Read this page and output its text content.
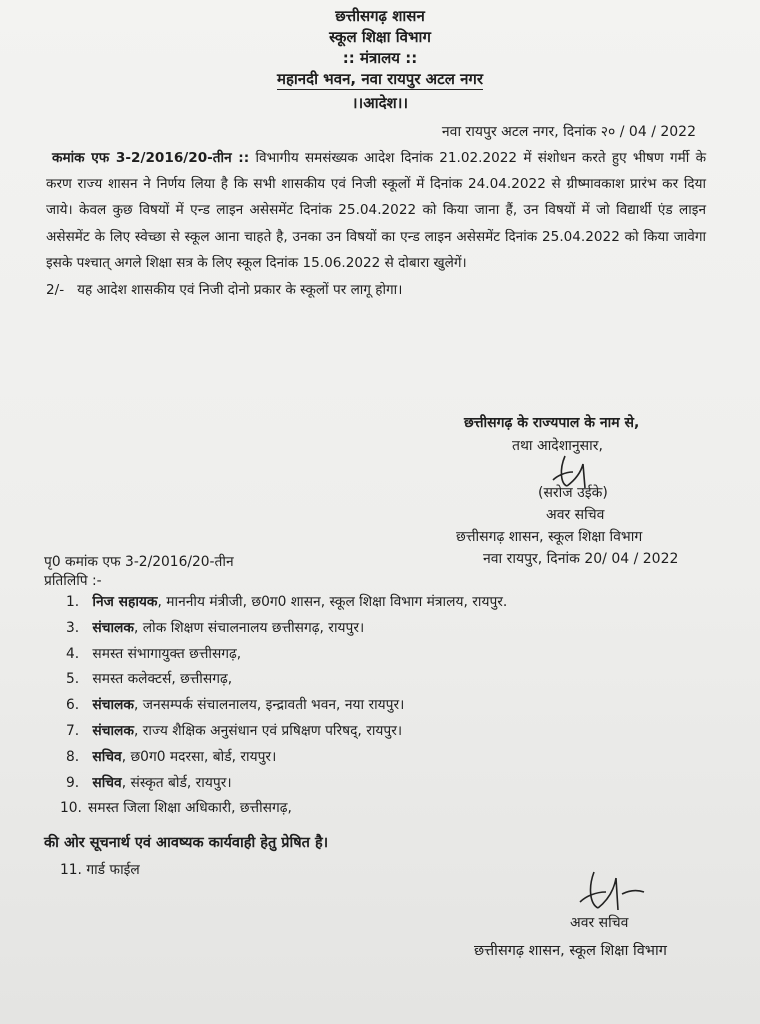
छत्तीसगढ़ शासन
स्कूल शिक्षा विभाग
:: मंत्रालय ::
महानदी भवन, नवा रायपुर अटल नगर
।।आदेश।।
नवा रायपुर अटल नगर, दिनांक २० / 04 / 2022

कमांक एफ 3-2/2016/20-तीन :: विभागीय समसंख्यक आदेश दिनांक 21.02.2022 में संशोधन करते हुए भीषण गर्मी के करण राज्य शासन ने निर्णय लिया है कि सभी शासकीय एवं निजी स्कूलों में दिनांक 24.04.2022 से ग्रीष्मावकाश प्रारंभ कर दिया जाये। केवल कुछ विषयों में एन्ड लाइन असेसमेंट दिनांक 25.04.2022 को किया जाना हैं, उन विषयों में जो विद्यार्थी एंड लाइन असेसमेंट के लिए स्वेच्छा से स्कूल आना चाहते है, उनका उन विषयों का एन्ड लाइन असेसमेंट दिनांक 25.04.2022 को किया जावेगा इसके पश्चात् अगले शिक्षा सत्र के लिए स्कूल दिनांक 15.06.2022 से दोबारा खुलेगें।

2/- यह आदेश शासकीय एवं निजी दोनो प्रकार के स्कूलों पर लागू होगा।

छत्तीसगढ़ के राज्यपाल के नाम से,
तथा आदेशानुसार,
(सरोज उईके)
अवर सचिव
छत्तीसगढ़ शासन, स्कूल शिक्षा विभाग
नवा रायपुर, दिनांक 20/ 04 / 2022
पृ0 कमांक एफ 3-2/2016/20-तीन
प्रतिलिपि :-
1. निज सहायक, माननीय मंत्रीजी, छ0ग0 शासन, स्कूल शिक्षा विभाग मंत्रालय, रायपुर.
3. संचालक, लोक शिक्षण संचालनालय छत्तीसगढ़, रायपुर।
4. समस्त संभागायुक्त छत्तीसगढ़,
5. समस्त कलेक्टर्स, छत्तीसगढ़,
6. संचालक, जनसम्पर्क संचालनालय, इन्द्रावती भवन, नया रायपुर।
7. संचालक, राज्य शैक्षिक अनुसंधान एवं प्रषिक्षण परिषद्, रायपुर।
8. सचिव, छ0ग0 मदरसा, बोर्ड, रायपुर।
9. सचिव, संस्कृत बोर्ड, रायपुर।
10. समस्त जिला शिक्षा अधिकारी, छत्तीसगढ़,
की ओर सूचनार्थ एवं आवष्यक कार्यवाही हेतु प्रेषित है।
11. गार्ड फाईल
अवर सचिव
छत्तीसगढ़ शासन, स्कूल शिक्षा विभाग
